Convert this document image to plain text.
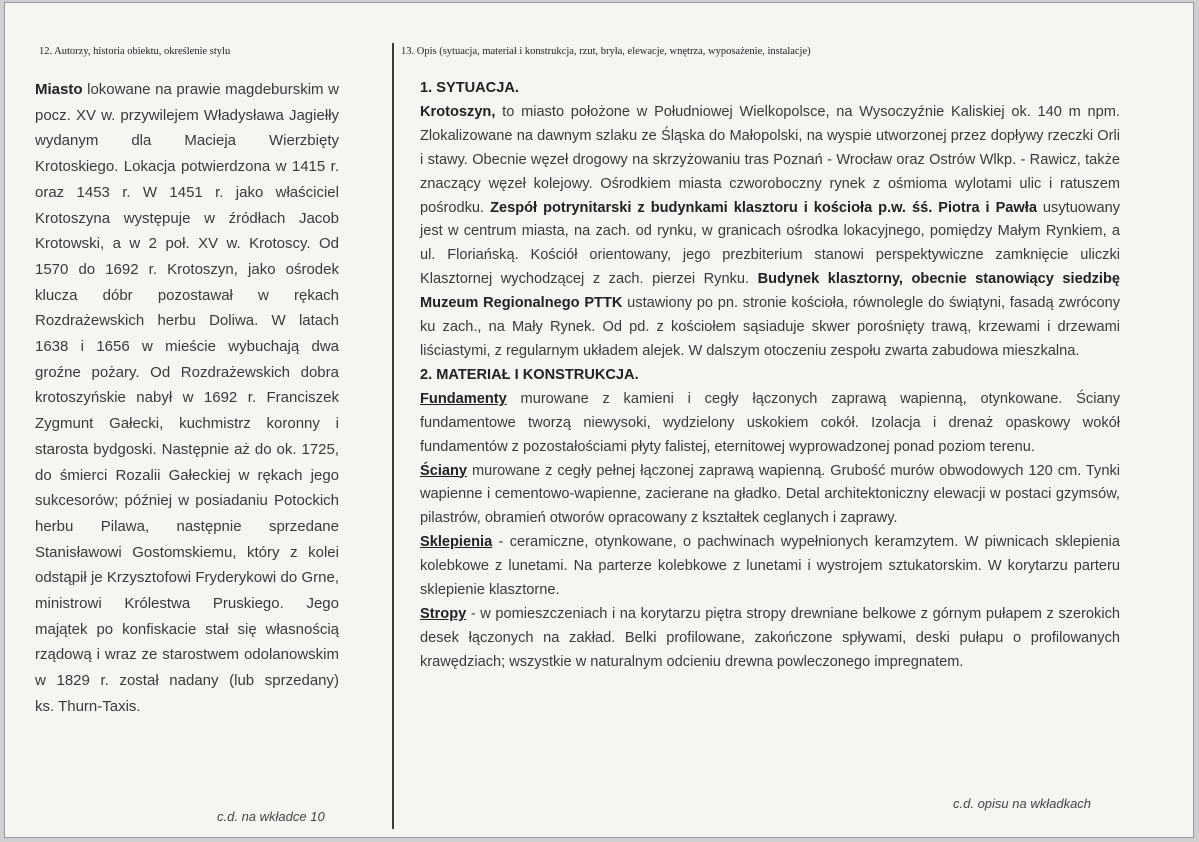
12. Autorzy, historia obiektu, określenie stylu	13. Opis (sytuacja, materiał i konstrukcja, rzut, bryła, elewacje, wnętrza, wyposażenie, instalacje)
Miasto lokowane na prawie magdeburskim w pocz. XV w. przywilejem Władysława Jagiełły wydanym dla Macieja Wierzbięty Krotoskiego. Lokacja potwierdzona w 1415 r. oraz 1453 r. W 1451 r. jako właściciel Krotoszyna występuje w źródłach Jacob Krotowski, a w 2 poł. XV w. Krotoscy. Od 1570 do 1692 r. Krotoszyn, jako ośrodek klucza dóbr pozostawał w rękach Rozdrażewskich herbu Doliwa. W latach 1638 i 1656 w mieście wybuchają dwa groźne pożary. Od Rozdrażewskich dobra krotoszyńskie nabył w 1692 r. Franciszek Zygmunt Gałecki, kuchmistrz koronny i starosta bydgoski. Następnie aż do ok. 1725, do śmierci Rozalii Gałeckiej w rękach jego sukcesorów; później w posiadaniu Potockich herbu Pilawa, następnie sprzedane Stanisławowi Gostomskiemu, który z kolei odstąpił je Krzysztofowi Fryderykowi do Grne, ministrowi Królestwa Pruskiego. Jego majątek po konfiskacie stał się własnością rządową i wraz ze starostwem odolanowskim w 1829 r. został nadany (lub sprzedany)
ks. Thurn-Taxis.
c.d. na wkładce 10

1. SYTUACJA.
Krotoszyn, to miasto położone w Południowej Wielkopolsce, na Wysoczyźnie Kaliskiej ok. 140 m npm. Zlokalizowane na dawnym szlaku ze Śląska do Małopolski, na wyspie utworzonej przez dopływy rzeczki Orli i stawy. Obecnie węzeł drogowy na skrzyżowaniu tras Poznań - Wrocław oraz Ostrów Wlkp. - Rawicz, także znaczący węzeł kolejowy. Ośrodkiem miasta czworoboczny rynek z ośmioma wylotami ulic i ratuszem pośrodku. Zespół potrynitarski z budynkami klasztoru i kościoła p.w. śś. Piotra i Pawła usytuowany jest w centrum miasta, na zach. od rynku, w granicach ośrodka lokacyjnego, pomiędzy Małym Rynkiem, a ul. Floriańską. Kościół orientowany, jego prezbiterium stanowi perspektywiczne zamknięcie uliczki Klasztornej wychodzącej z zach. pierzei Rynku. Budynek klasztorny, obecnie stanowiący siedzibę Muzeum Regionalnego PTTK ustawiony po pn. stronie kościoła, równolegle do świątyni, fasadą zwrócony ku zach., na Mały Rynek. Od pd. z kościołem sąsiaduje skwer porośnięty trawą, krzewami i drzewami liściastymi, z regularnym układem alejek. W dalszym otoczeniu zespołu zwarta zabudowa mieszkalna.

2. MATERIAŁ I KONSTRUKCJA.

Fundamenty murowane z kamieni i cegły łączonych zaprawą wapienną, otynkowane. Ściany fundamentowe tworzą niewysoki, wydzielony uskokiem cokół. Izolacja i drenaż opaskowy wokół fundamentów z pozostałościami płyty falistej, eternitowej wyprowadzonej ponad poziom terenu.

Ściany murowane z cegły pełnej łączonej zaprawą wapienną. Grubość murów obwodowych 120 cm. Tynki wapienne i cementowo-wapienne, zacierane na gładko. Detal architektoniczny elewacji w postaci gzymsów, pilastrów, obramień otworów opracowany z kształtek ceglanych i zaprawy.

Sklepienia - ceramiczne, otynkowane, o pachwinach wypełnionych keramzytem. W piwnicach sklepienia kolebkowe z lunetami. Na parterze kolebkowe z lunetami i wystrojem sztukatorskim. W korytarzu parteru sklepienie klasztorne.

Stropy - w pomieszczeniach i na korytarzu piętra stropy drewniane belkowe z górnym pułapem z szerokich desek łączonych na zakład. Belki profilowane, zakończone spływami, deski pułapu o profilowanych krawędziach; wszystkie w naturalnym odcieniu drewna powleczonego impregnatem.

c.d. opisu na wkładkach
